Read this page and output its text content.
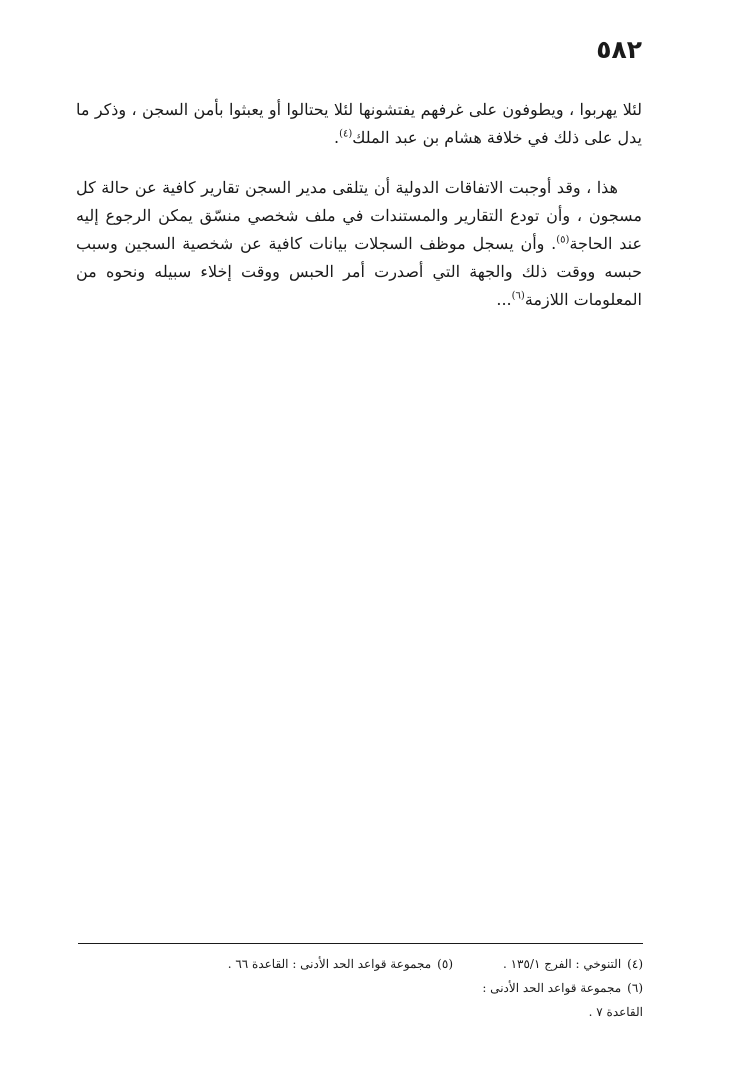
٥٨٢

لئلا يهربوا ، ويطوفون على غرفهم يفتشونها لئلا يحتالوا أو يعبثوا بأمن السجن ، وذكر ما يدل على ذلك في خلافة هشام بن عبد الملك$^{(٤)}$.

هذا ، وقد أوجبت الاتفاقات الدولية أن يتلقى مدير السجن تقارير كافية عن حالة كل مسجون ، وأن تودع التقارير والمستندات في ملف شخصي منسّق يمكن الرجوع إليه عند الحاجة$^{(٥)}$. وأن يسجل موظف السجلات بيانات كافية عن شخصية السجين وسبب حبسه ووقت ذلك والجهة التي أصدرت أمر الحبس ووقت إخلاء سبيله ونحوه من المعلومات اللازمة$^{(٦)}$...

(٤)التنوخي : الفرج ١٣٥/١ .
(٥)مجموعة قواعد الحد الأدنى : القاعدة ٦٦ .
(٦)مجموعة قواعد الحد الأدنى : القاعدة ٧ .
